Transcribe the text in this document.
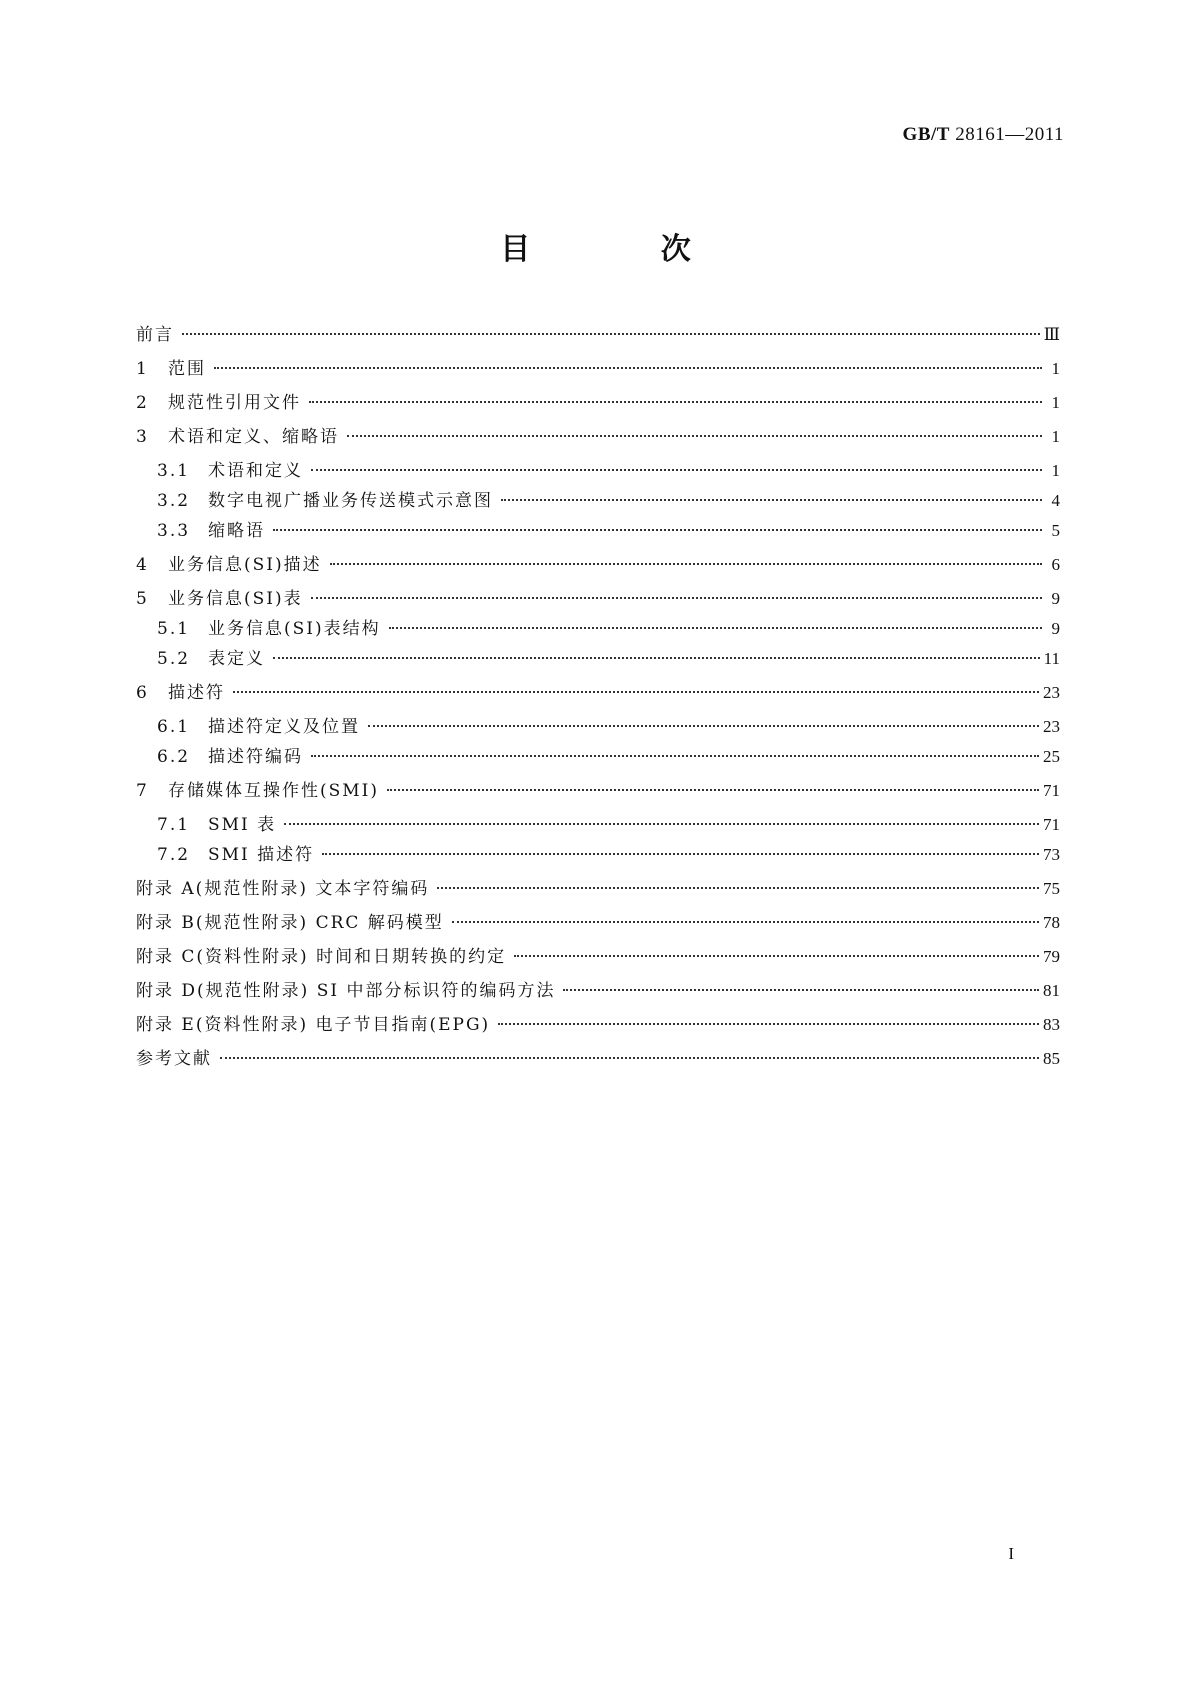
GB/T 28161—2011
目 次
前言	Ⅲ
1	范围	1
2	规范性引用文件	1
3	术语和定义、缩略语	1
3.1	术语和定义	1
3.2	数字电视广播业务传送模式示意图	4
3.3	缩略语	5
4	业务信息(SI)描述	6
5	业务信息(SI)表	9
5.1	业务信息(SI)表结构	9
5.2	表定义	11
6	描述符	23
6.1	描述符定义及位置	23
6.2	描述符编码	25
7	存储媒体互操作性(SMI)	71
7.1	SMI 表	71
7.2	SMI 描述符	73
附录 A(规范性附录) 文本字符编码	75
附录 B(规范性附录) CRC 解码模型	78
附录 C(资料性附录) 时间和日期转换的约定	79
附录 D(规范性附录) SI 中部分标识符的编码方法	81
附录 E(资料性附录) 电子节目指南(EPG)	83
参考文献	85
I
